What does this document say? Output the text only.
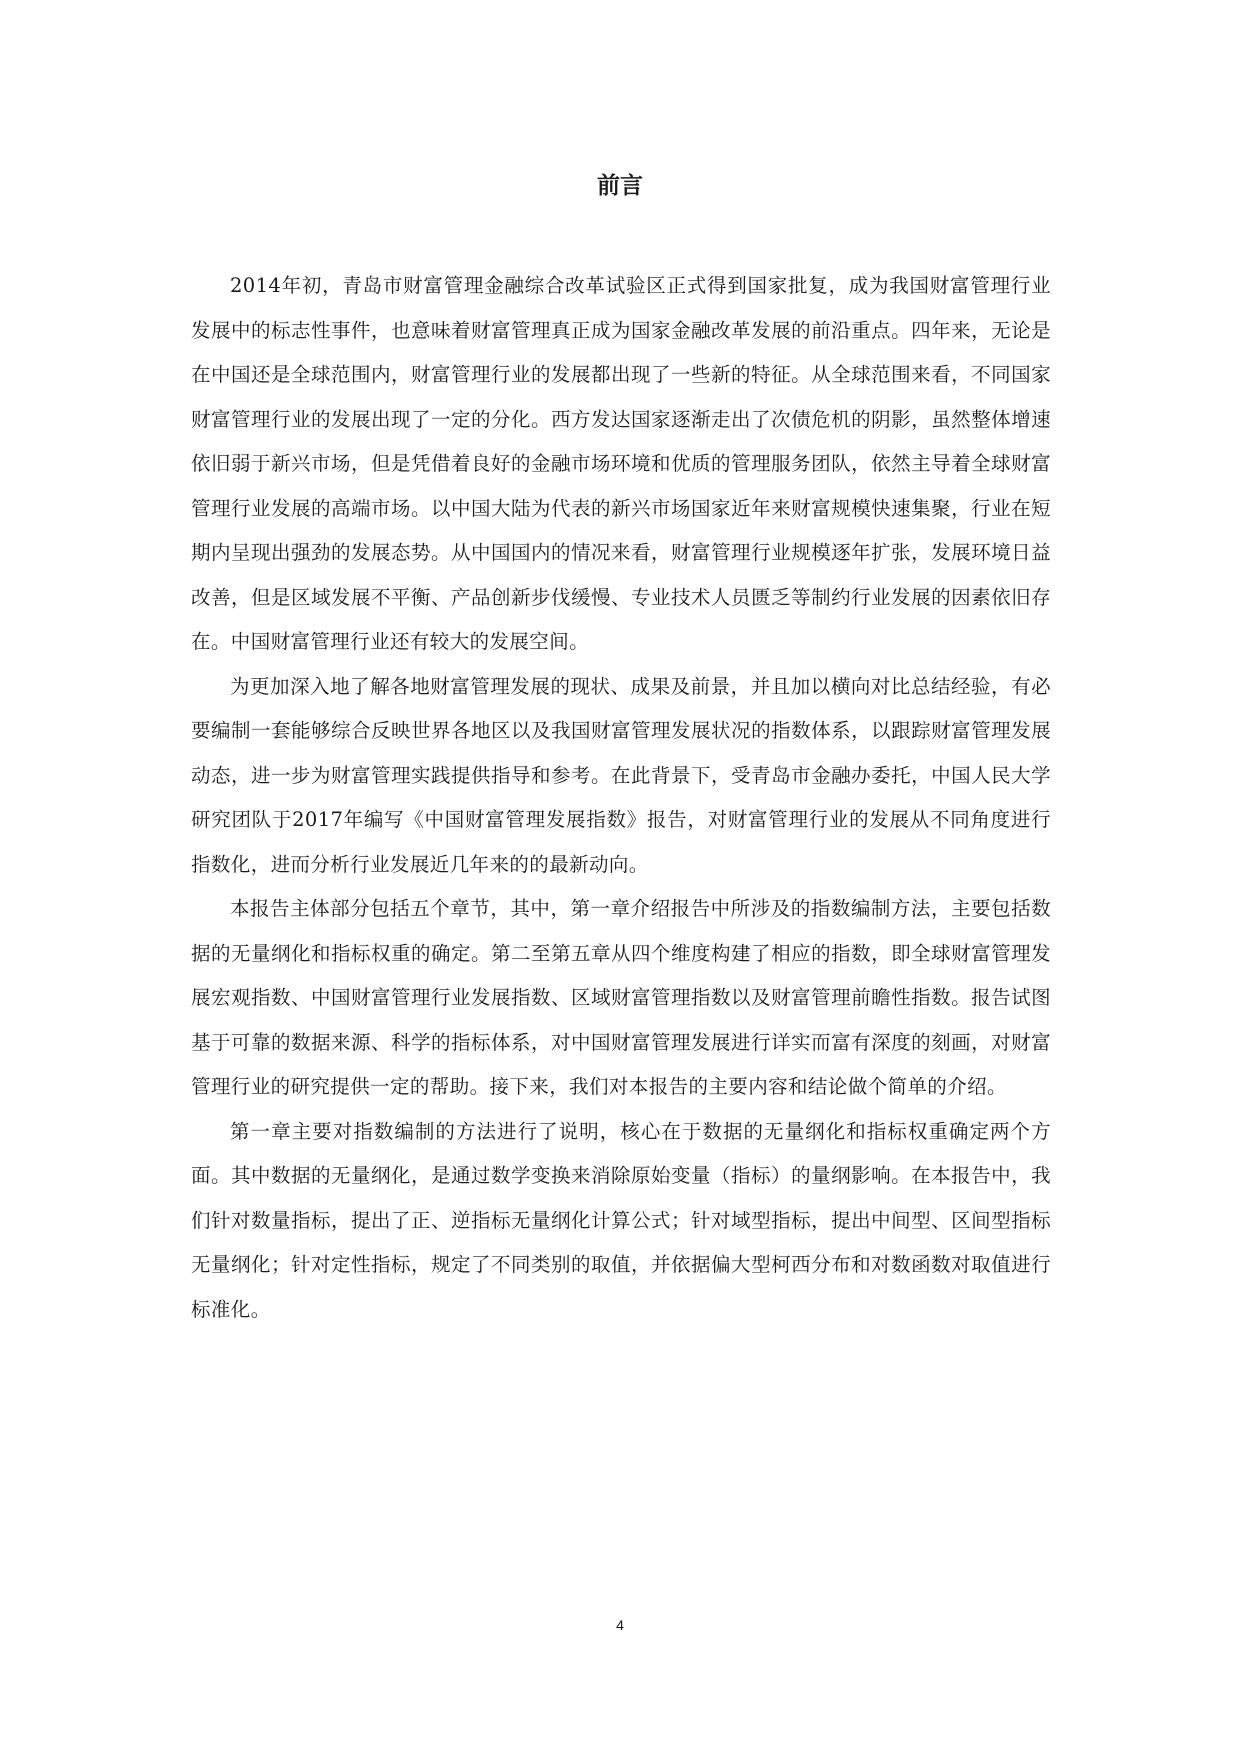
前言

2014年初，青岛市财富管理金融综合改革试验区正式得到国家批复，成为我国财富管理行业发展中的标志性事件，也意味着财富管理真正成为国家金融改革发展的前沿重点。四年来，无论是在中国还是全球范围内，财富管理行业的发展都出现了一些新的特征。从全球范围来看，不同国家财富管理行业的发展出现了一定的分化。西方发达国家逐渐走出了次债危机的阴影，虽然整体增速依旧弱于新兴市场，但是凭借着良好的金融市场环境和优质的管理服务团队，依然主导着全球财富管理行业发展的高端市场。以中国大陆为代表的新兴市场国家近年来财富规模快速集聚，行业在短期内呈现出强劲的发展态势。从中国国内的情况来看，财富管理行业规模逐年扩张，发展环境日益改善，但是区域发展不平衡、产品创新步伐缓慢、专业技术人员匮乏等制约行业发展的因素依旧存在。中国财富管理行业还有较大的发展空间。

为更加深入地了解各地财富管理发展的现状、成果及前景，并且加以横向对比总结经验，有必要编制一套能够综合反映世界各地区以及我国财富管理发展状况的指数体系，以跟踪财富管理发展动态，进一步为财富管理实践提供指导和参考。在此背景下，受青岛市金融办委托，中国人民大学研究团队于2017年编写《中国财富管理发展指数》报告，对财富管理行业的发展从不同角度进行指数化，进而分析行业发展近几年来的的最新动向。

本报告主体部分包括五个章节，其中，第一章介绍报告中所涉及的指数编制方法，主要包括数据的无量纲化和指标权重的确定。第二至第五章从四个维度构建了相应的指数，即全球财富管理发展宏观指数、中国财富管理行业发展指数、区域财富管理指数以及财富管理前瞻性指数。报告试图基于可靠的数据来源、科学的指标体系，对中国财富管理发展进行详实而富有深度的刻画，对财富管理行业的研究提供一定的帮助。接下来，我们对本报告的主要内容和结论做个简单的介绍。

第一章主要对指数编制的方法进行了说明，核心在于数据的无量纲化和指标权重确定两个方面。其中数据的无量纲化，是通过数学变换来消除原始变量（指标）的量纲影响。在本报告中，我们针对数量指标，提出了正、逆指标无量纲化计算公式；针对域型指标，提出中间型、区间型指标无量纲化；针对定性指标，规定了不同类别的取值，并依据偏大型柯西分布和对数函数对取值进行标准化。

4
